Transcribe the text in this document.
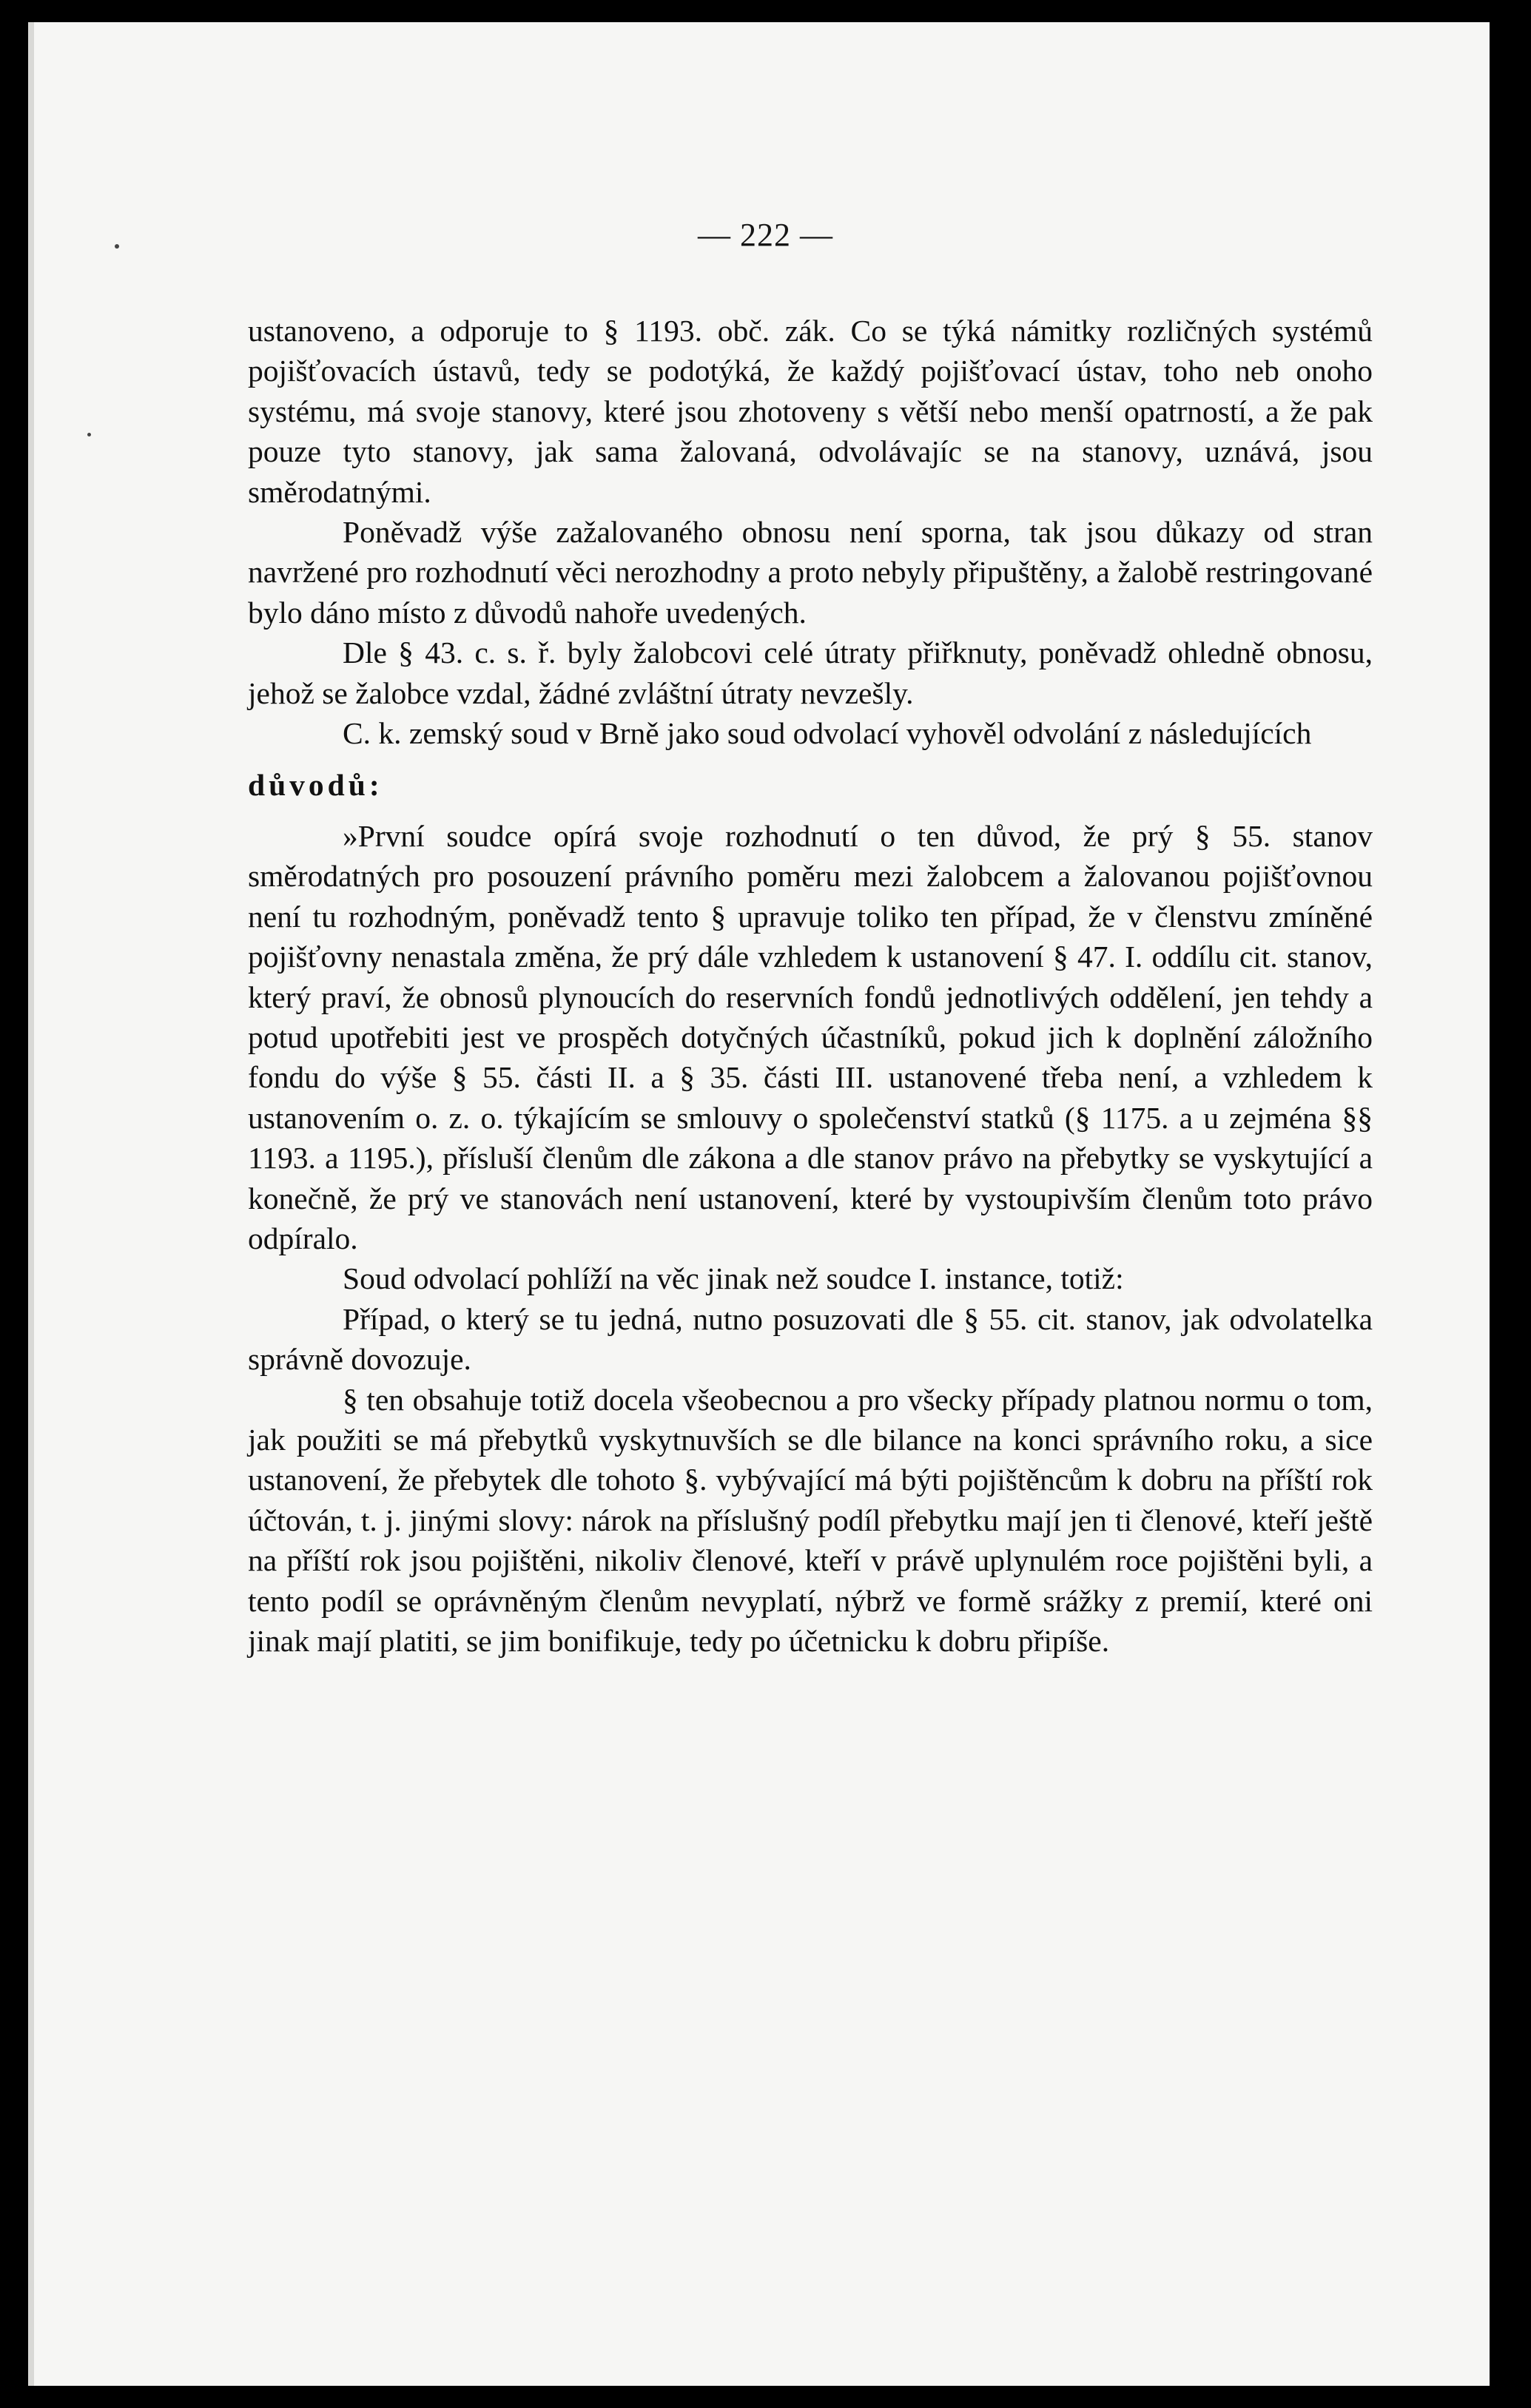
— 222 —

ustanoveno, a odporuje to § 1193. obč. zák. Co se týká námitky rozličných systémů pojišťovacích ústavů, tedy se podotýká, že každý pojišťovací ústav, toho neb onoho systému, má svoje stanovy, které jsou zhotoveny s větší nebo menší opatrností, a že pak pouze tyto stanovy, jak sama žalovaná, odvolávajíc se na stanovy, uznává, jsou směrodatnými.

Poněvadž výše zažalovaného obnosu není sporna, tak jsou důkazy od stran navržené pro rozhodnutí věci nerozhodny a proto nebyly připuštěny, a žalobě restringované bylo dáno místo z důvodů nahoře uvedených.

Dle § 43. c. s. ř. byly žalobcovi celé útraty přiřknuty, poněvadž ohledně obnosu, jehož se žalobce vzdal, žádné zvláštní útraty nevzešly.

C. k. zemský soud v Brně jako soud odvolací vyhověl odvolání z následujících

důvodů:

»První soudce opírá svoje rozhodnutí o ten důvod, že prý § 55. stanov směrodatných pro posouzení právního poměru mezi žalobcem a žalovanou pojišťovnou není tu rozhodným, poněvadž tento § upravuje toliko ten případ, že v členstvu zmíněné pojišťovny nenastala změna, že prý dále vzhledem k ustanovení § 47. I. oddílu cit. stanov, který praví, že obnosů plynoucích do reservních fondů jednotlivých oddělení, jen tehdy a potud upotřebiti jest ve prospěch dotyčných účastníků, pokud jich k doplnění záložního fondu do výše § 55. části II. a § 35. části III. ustanovené třeba není, a vzhledem k ustanovením o. z. o. týkajícím se smlouvy o společenství statků (§ 1175. a u zejména §§ 1193. a 1195.), přísluší členům dle zákona a dle stanov právo na přebytky se vyskytující a konečně, že prý ve stanovách není ustanovení, které by vystoupivším členům toto právo odpíralo.

Soud odvolací pohlíží na věc jinak než soudce I. instance, totiž:

Případ, o který se tu jedná, nutno posuzovati dle § 55. cit. stanov, jak odvolatelka správně dovozuje.

§ ten obsahuje totiž docela všeobecnou a pro všecky případy platnou normu o tom, jak použiti se má přebytků vyskytnuvších se dle bilance na konci správního roku, a sice ustanovení, že přebytek dle tohoto §. vybývající má býti pojištěncům k dobru na příští rok účtován, t. j. jinými slovy: nárok na příslušný podíl přebytku mají jen ti členové, kteří ještě na příští rok jsou pojištěni, nikoliv členové, kteří v právě uplynulém roce pojištěni byli, a tento podíl se oprávněným členům nevyplatí, nýbrž ve formě srážky z premií, které oni jinak mají platiti, se jim bonifikuje, tedy po účetnicku k dobru připíše.
